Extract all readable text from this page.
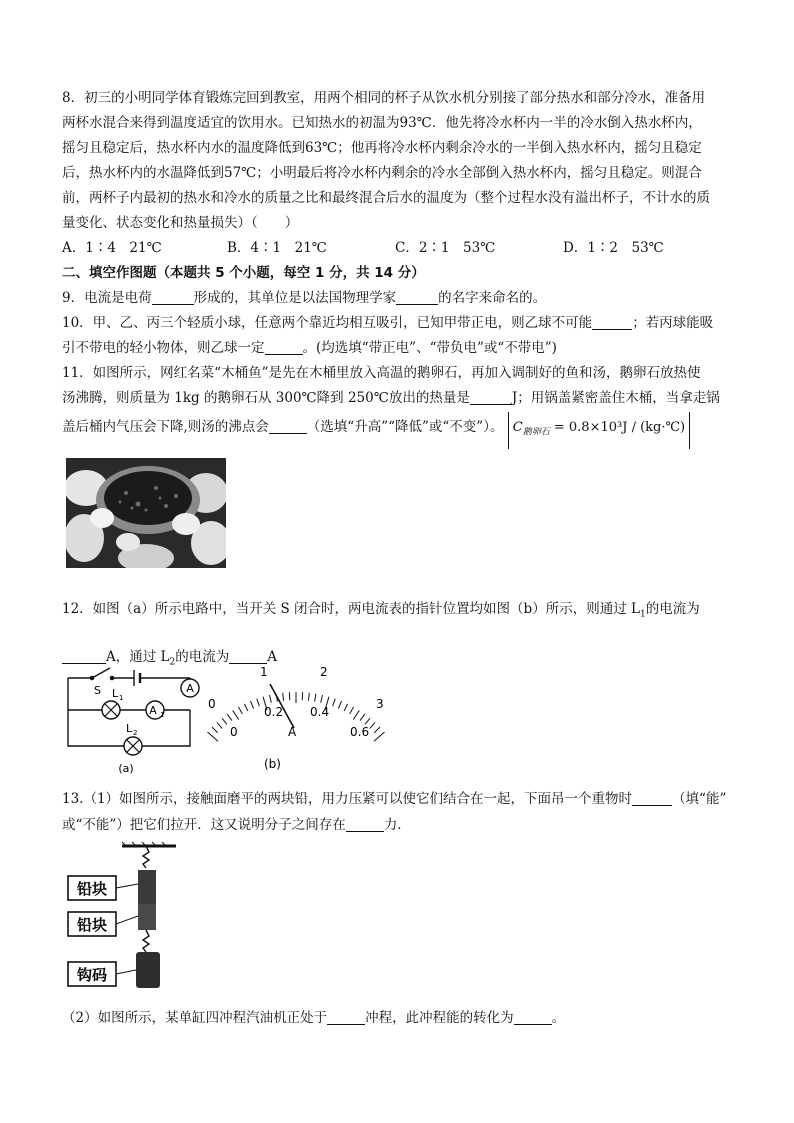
8．初三的小明同学体育锻炼完回到教室，用两个相同的杯子从饮水机分别接了部分热水和部分冷水，准备用
两杯水混合来得到温度适宜的饮用水。已知热水的初温为93℃．他先将冷水杯内一半的冷水倒入热水杯内，
摇匀且稳定后，热水杯内水的温度降低到63℃；他再将冷水杯内剩余冷水的一半倒入热水杯内，摇匀且稳定
后，热水杯内的水温降低到57℃；小明最后将冷水杯内剩余的冷水全部倒入热水杯内，摇匀且稳定。则混合
前，两杯子内最初的热水和冷水的质量之比和最终混合后水的温度为（整个过程水没有溢出杯子，不计水的质
量变化、状态变化和热量损失）（　　）

A．1∶4　21℃	B．4∶1　21℃	C．2∶1　53℃	D．1∶2　53℃

二、填空作图题（本题共 5 个小题，每空 1 分，共 14 分）

9．电流是电荷	形成的，其单位是以法国物理学家	的名字来命名的。

10．甲、乙、丙三个轻质小球，任意两个靠近均相互吸引，已知甲带正电，则乙球不可能	；若丙球能吸
引不带电的轻小物体，则乙球一定	。(均选填“带正电”、“带负电”或“不带电”)

11．如图所示，网红名菜“木桶鱼”是先在木桶里放入高温的鹅卵石，再加入调制好的鱼和汤，鹅卵石放热使
汤沸腾，则质量为 1kg 的鹅卵石从 300℃降到 250℃放出的热量是	J；用锅盖紧密盖住木桶，当拿走锅
盖后桶内气压会下降,则汤的沸点会	（选填“升高”“降低”或“不变”）。 $C_{鹅卵石} = 0.8\times 10^3J$ / (kg·℃)

12．如图（a）所示电路中，当开关 S 闭合时，两电流表的指针位置均如图（b）所示，则通过 $L_1$的电流为
A，通过 $L_2$的电流为	A

A
A 1
S L 1
L 2
(a)
0
1	2
3
0
0.2 0.4
0.6
A
(b)

13.（1）如图所示，接触面磨平的两块铅，用力压紧可以使它们结合在一起，下面吊一个重物时	（填“能”
或“不能”）把它们拉开．这又说明分子之间存在	力．

铅块
铅块
钩码

（2）如图所示，某单缸四冲程汽油机正处于	冲程，此冲程能的转化为	。
